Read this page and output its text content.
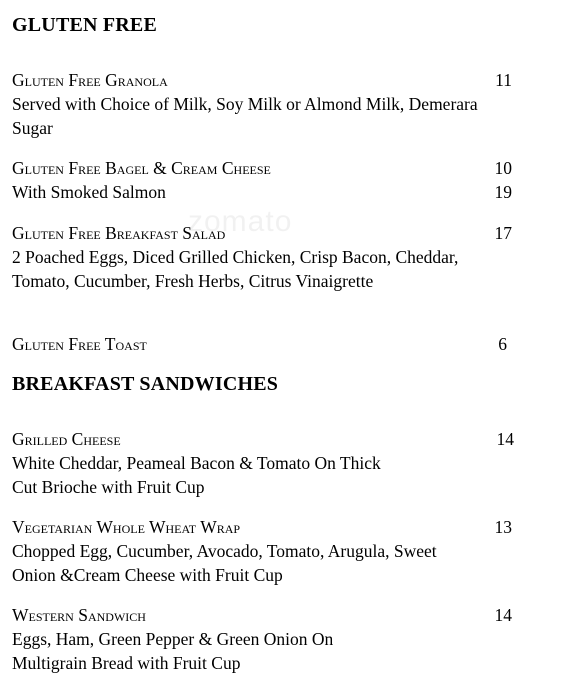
zomato
GLUTEN FREE
Gluten Free Granola
Served with Choice of Milk, Soy Milk or Almond Milk, Demerara Sugar
11
Gluten Free Bagel & Cream Cheese
With Smoked Salmon
10
19
Gluten Free Breakfast Salad
2 Poached Eggs, Diced Grilled Chicken, Crisp Bacon, Cheddar, Tomato, Cucumber, Fresh Herbs, Citrus Vinaigrette
17
Gluten Free Toast	6
BREAKFAST SANDWICHES
Grilled Cheese
White Cheddar, Peameal Bacon & Tomato On Thick Cut Brioche with Fruit Cup
14
Vegetarian Whole Wheat Wrap
Chopped Egg, Cucumber, Avocado, Tomato, Arugula, Sweet Onion &Cream Cheese with Fruit Cup
13
Western Sandwich
Eggs, Ham, Green Pepper & Green Onion On Multigrain Bread with Fruit Cup
14
